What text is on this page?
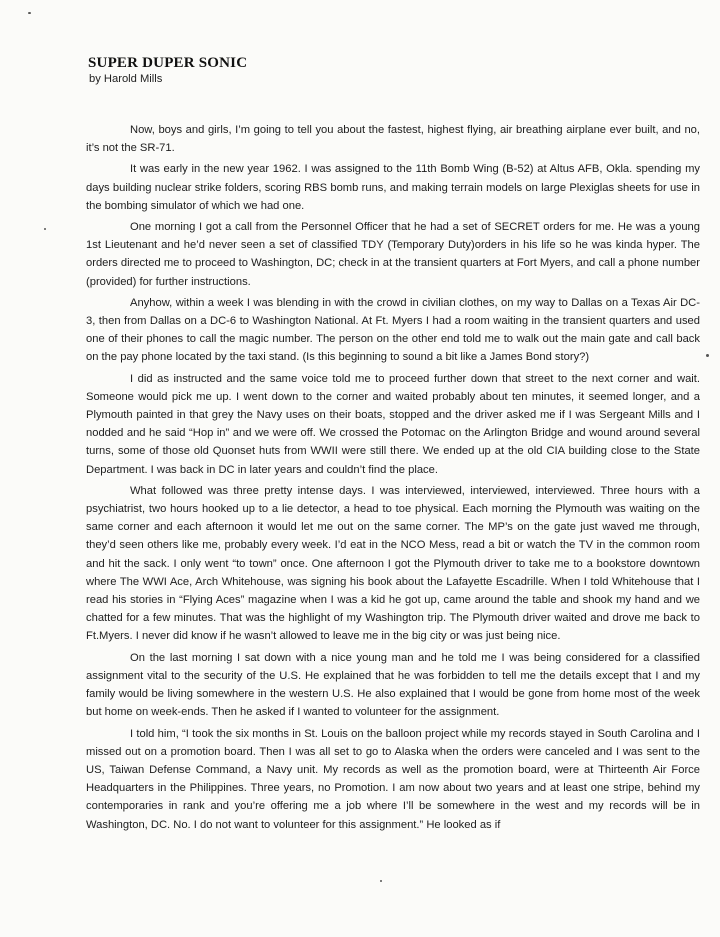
SUPER DUPER SONIC
by Harold Mills

Now, boys and girls, I’m going to tell you about the fastest, highest flying, air breathing airplane ever built, and no, it’s not the SR-71.

It was early in the new year 1962. I was assigned to the 11th Bomb Wing (B-52) at Altus AFB, Okla. spending my days building nuclear strike folders, scoring RBS bomb runs, and making terrain models on large Plexiglas sheets for use in the bombing simulator of which we had one.

One morning I got a call from the Personnel Officer that he had a set of SECRET orders for me. He was a young 1st Lieutenant and he’d never seen a set of classified TDY (Temporary Duty)orders in his life so he was kinda hyper. The orders directed me to proceed to Washington, DC; check in at the transient quarters at Fort Myers, and call a phone number (provided) for further instructions.

Anyhow, within a week I was blending in with the crowd in civilian clothes, on my way to Dallas on a Texas Air DC-3, then from Dallas on a DC-6 to Washington National. At Ft. Myers I had a room waiting in the transient quarters and used one of their phones to call the magic number. The person on the other end told me to walk out the main gate and call back on the pay phone located by the taxi stand. (Is this beginning to sound a bit like a James Bond story?)

I did as instructed and the same voice told me to proceed further down that street to the next corner and wait. Someone would pick me up. I went down to the corner and waited probably about ten minutes, it seemed longer, and a Plymouth painted in that grey the Navy uses on their boats, stopped and the driver asked me if I was Sergeant Mills and I nodded and he said “Hop in” and we were off. We crossed the Potomac on the Arlington Bridge and wound around several turns, some of those old Quonset huts from WWII were still there. We ended up at the old CIA building close to the State Department. I was back in DC in later years and couldn’t find the place.

What followed was three pretty intense days. I was interviewed, interviewed, interviewed. Three hours with a psychiatrist, two hours hooked up to a lie detector, a head to toe physical. Each morning the Plymouth was waiting on the same corner and each afternoon it would let me out on the same corner. The MP’s on the gate just waved me through, they’d seen others like me, probably every week. I’d eat in the NCO Mess, read a bit or watch the TV in the common room and hit the sack. I only went “to town” once. One afternoon I got the Plymouth driver to take me to a bookstore downtown where The WWI Ace, Arch Whitehouse, was signing his book about the Lafayette Escadrille. When I told Whitehouse that I read his stories in “Flying Aces” magazine when I was a kid he got up, came around the table and shook my hand and we chatted for a few minutes. That was the highlight of my Washington trip. The Plymouth driver waited and drove me back to Ft.Myers. I never did know if he wasn’t allowed to leave me in the big city or was just being nice.

On the last morning I sat down with a nice young man and he told me I was being considered for a classified assignment vital to the security of the U.S. He explained that he was forbidden to tell me the details except that I and my family would be living somewhere in the western U.S. He also explained that I would be gone from home most of the week but home on week-ends. Then he asked if I wanted to volunteer for the assignment.

I told him, “I took the six months in St. Louis on the balloon project while my records stayed in South Carolina and I missed out on a promotion board. Then I was all set to go to Alaska when the orders were canceled and I was sent to the US, Taiwan Defense Command, a Navy unit. My records as well as the promotion board, were at Thirteenth Air Force Headquarters in the Philippines. Three years, no Promotion. I am now about two years and at least one stripe, behind my contemporaries in rank and you’re offering me a job where I’ll be somewhere in the west and my records will be in Washington, DC. No. I do not want to volunteer for this assignment.” He looked as if
